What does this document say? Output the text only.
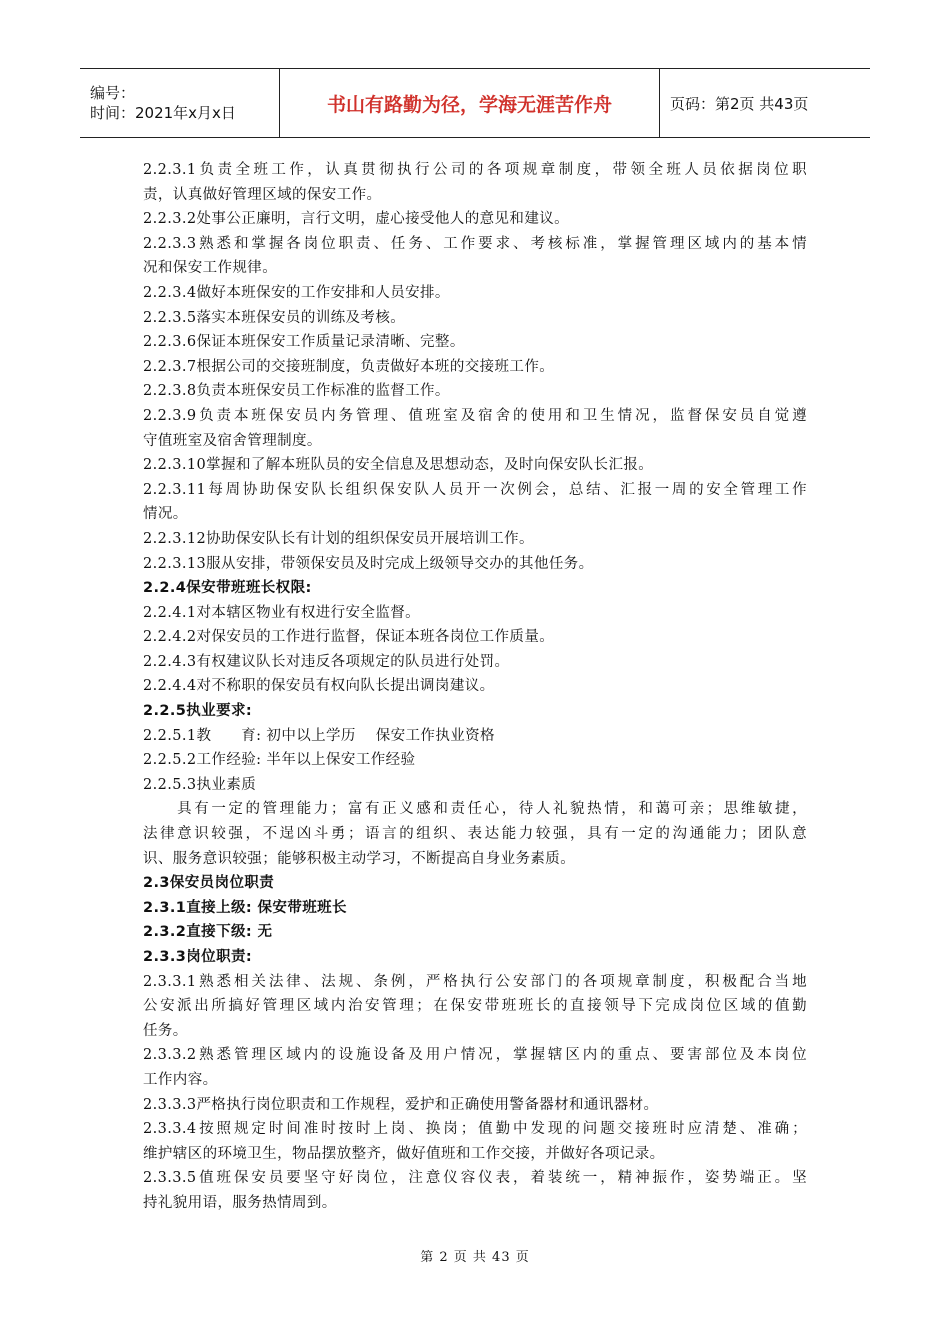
编号：
时间：2021年x月x日	书山有路勤为径，学海无涯苦作舟	页码：第2页 共43页
2.2.3.1负责全班工作，认真贯彻执行公司的各项规章制度，带领全班人员依据岗位职
责，认真做好管理区域的保安工作。
2.2.3.2处事公正廉明，言行文明，虚心接受他人的意见和建议。
2.2.3.3熟悉和掌握各岗位职责、任务、工作要求、考核标准，掌握管理区域内的基本情
况和保安工作规律。
2.2.3.4做好本班保安的工作安排和人员安排。
2.2.3.5落实本班保安员的训练及考核。
2.2.3.6保证本班保安工作质量记录清晰、完整。
2.2.3.7根据公司的交接班制度，负责做好本班的交接班工作。
2.2.3.8负责本班保安员工作标准的监督工作。
2.2.3.9负责本班保安员内务管理、值班室及宿舍的使用和卫生情况，监督保安员自觉遵
守值班室及宿舍管理制度。
2.2.3.10掌握和了解本班队员的安全信息及思想动态，及时向保安队长汇报。
2.2.3.11每周协助保安队长组织保安队人员开一次例会，总结、汇报一周的安全管理工作
情况。
2.2.3.12协助保安队长有计划的组织保安员开展培训工作。
2.2.3.13服从安排，带领保安员及时完成上级领导交办的其他任务。
2.2.4保安带班班长权限:
2.2.4.1对本辖区物业有权进行安全监督。
2.2.4.2对保安员的工作进行监督，保证本班各岗位工作质量。
2.2.4.3有权建议队长对违反各项规定的队员进行处罚。
2.2.4.4对不称职的保安员有权向队长提出调岗建议。
2.2.5执业要求:
2.2.5.1教　　育: 初中以上学历　 保安工作执业资格
2.2.5.2工作经验: 半年以上保安工作经验
2.2.5.3执业素质
　　具有一定的管理能力；富有正义感和责任心，待人礼貌热情，和蔼可亲；思维敏捷，
法律意识较强，不逞凶斗勇；语言的组织、表达能力较强，具有一定的沟通能力；团队意
识、服务意识较强；能够积极主动学习，不断提高自身业务素质。
2.3保安员岗位职责
2.3.1直接上级: 保安带班班长
2.3.2直接下级: 无
2.3.3岗位职责:
2.3.3.1熟悉相关法律、法规、条例，严格执行公安部门的各项规章制度，积极配合当地
公安派出所搞好管理区域内治安管理；在保安带班班长的直接领导下完成岗位区域的值勤
任务。
2.3.3.2熟悉管理区域内的设施设备及用户情况，掌握辖区内的重点、要害部位及本岗位
工作内容。
2.3.3.3严格执行岗位职责和工作规程，爱护和正确使用警备器材和通讯器材。
2.3.3.4按照规定时间准时按时上岗、换岗；值勤中发现的问题交接班时应清楚、准确；
维护辖区的环境卫生，物品摆放整齐，做好值班和工作交接，并做好各项记录。
2.3.3.5值班保安员要坚守好岗位，注意仪容仪表，着装统一，精神振作，姿势端正。坚
持礼貌用语，服务热情周到。
第 2 页 共 43 页
